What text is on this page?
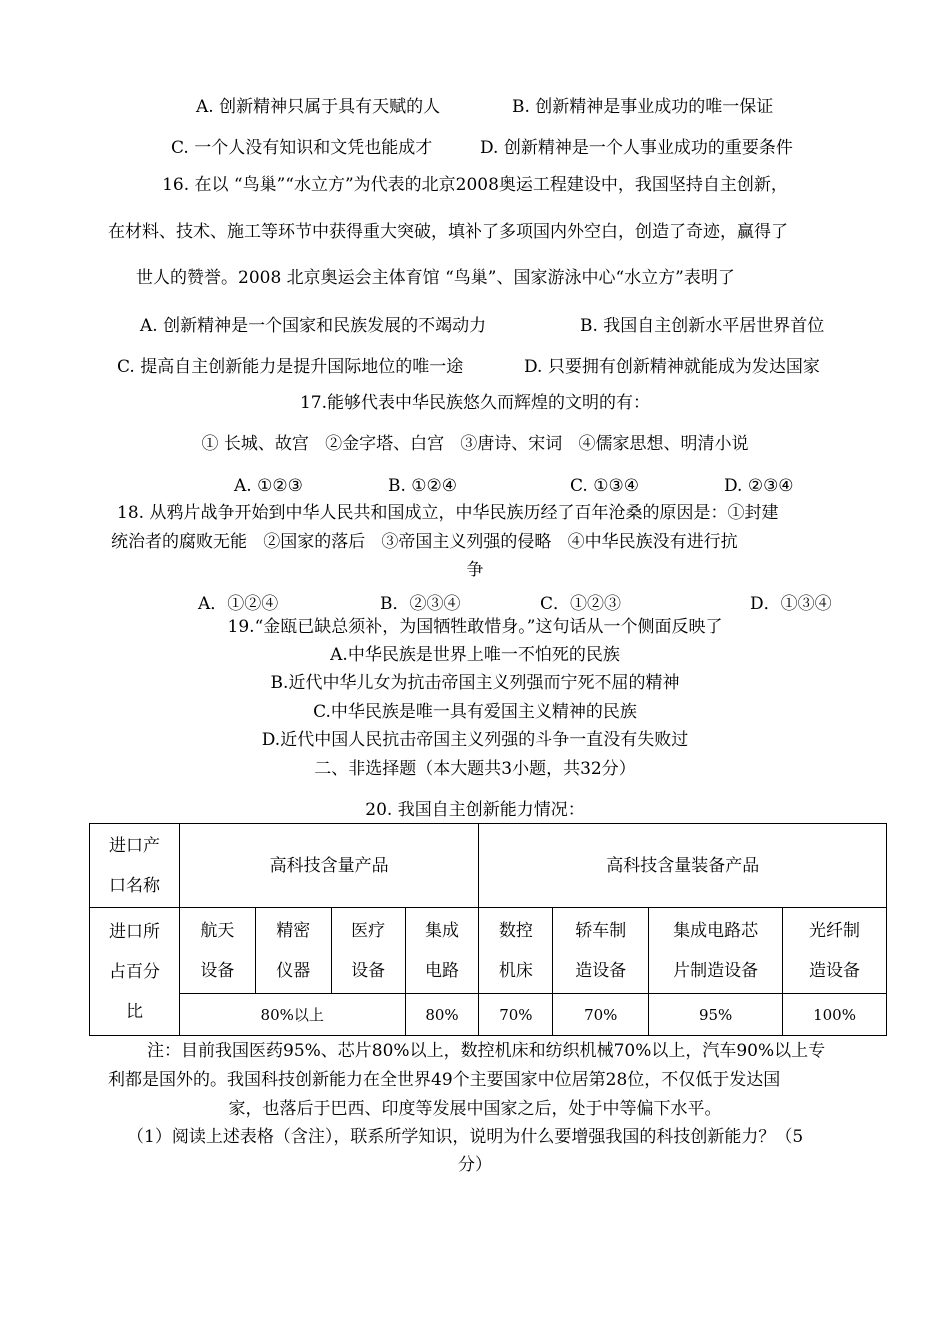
A. 创新精神只属于具有天赋的人	B. 创新精神是事业成功的唯一保证
C. 一个人没有知识和文凭也能成才	D. 创新精神是一个人事业成功的重要条件
16. 在以 “鸟巢”“水立方”为代表的北京2008奥运工程建设中，我国坚持自主创新，
在材料、技术、施工等环节中获得重大突破，填补了多项国内外空白，创造了奇迹，赢得了
世人的赞誉。2008 北京奥运会主体育馆 “鸟巢”、国家游泳中心“水立方”表明了
A. 创新精神是一个国家和民族发展的不竭动力	B. 我国自主创新水平居世界首位
C. 提高自主创新能力是提升国际地位的唯一途	D. 只要拥有创新精神就能成为发达国家
17.能够代表中华民族悠久而辉煌的文明的有：
① 长城、故宫   ②金字塔、白宫   ③唐诗、宋词   ④儒家思想、明清小说
A. ①②③	B. ①②④	C. ①③④	D. ②③④
18. 从鸦片战争开始到中华人民共和国成立，中华民族历经了百年沧桑的原因是：①封建
统治者的腐败无能   ②国家的落后   ③帝国主义列强的侵略   ④中华民族没有进行抗
争
A．①②④	B．②③④	C．①②③	D．①③④
19.“金瓯已缺总须补，为国牺牲敢惜身。”这句话从一个侧面反映了
A.中华民族是世界上唯一不怕死的民族
B.近代中华儿女为抗击帝国主义列强而宁死不屈的精神
C.中华民族是唯一具有爱国主义精神的民族
D.近代中国人民抗击帝国主义列强的斗争一直没有失败过
二、非选择题（本大题共3小题，共32分）
20. 我国自主创新能力情况：
进口产口名称	高科技含量产品				高科技含量装备产品			

进口所占百分比	航天设备	精密仪器	医疗设备	集成电路	数控机床	轿车制造设备	集成电路芯片制造设备	光纤制造设备

	80%以上			80%	70%	70%	95%	100%
注：目前我国医药95%、芯片80%以上，数控机床和纺织机械70%以上，汽车90%以上专
利都是国外的。我国科技创新能力在全世界49个主要国家中位居第28位，不仅低于发达国
家，也落后于巴西、印度等发展中国家之后，处于中等偏下水平。
（1）阅读上述表格（含注），联系所学知识，说明为什么要增强我国的科技创新能力？（5
分）
